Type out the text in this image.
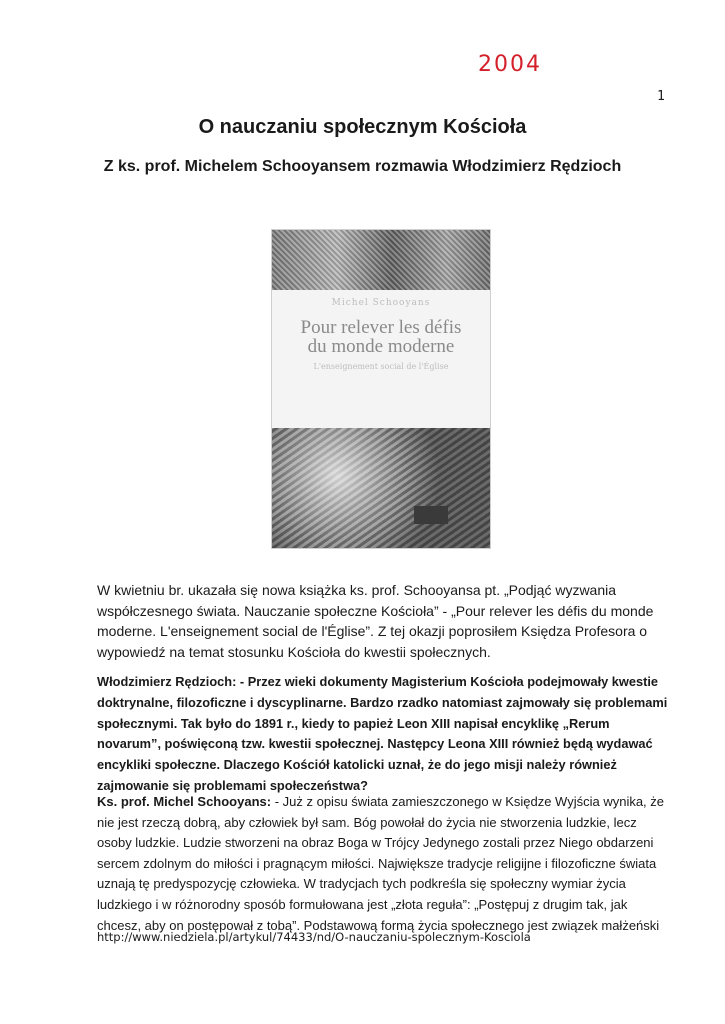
2004
1
O nauczaniu społecznym Kościoła
Z ks. prof. Michelem Schooyansem rozmawia Włodzimierz Rędzioch
Michel Schooyans
Pour relever les défis
du monde moderne
L'enseignement social de l'Église

W kwietniu br. ukazała się nowa książka ks. prof. Schooyansa pt. „Podjąć wyzwania współczesnego świata. Nauczanie społeczne Kościoła” - „Pour relever les défis du monde moderne. L'enseignement social de l'Église”. Z tej okazji poprosiłem Księdza Profesora o wypowiedź na temat stosunku Kościoła do kwestii społecznych.

Włodzimierz Rędzioch: - Przez wieki dokumenty Magisterium Kościoła podejmowały kwestie doktrynalne, filozoficzne i dyscyplinarne. Bardzo rzadko natomiast zajmowały się problemami społecznymi. Tak było do 1891 r., kiedy to papież Leon XIII napisał encyklikę „Rerum novarum”, poświęconą tzw. kwestii społecznej. Następcy Leona XIII również będą wydawać encykliki społeczne. Dlaczego Kościół katolicki uznał, że do jego misji należy również zajmowanie się problemami społeczeństwa?

Ks. prof. Michel Schooyans: - Już z opisu świata zamieszczonego w Księdze Wyjścia wynika, że nie jest rzeczą dobrą, aby człowiek był sam. Bóg powołał do życia nie stworzenia ludzkie, lecz osoby ludzkie. Ludzie stworzeni na obraz Boga w Trójcy Jedynego zostali przez Niego obdarzeni sercem zdolnym do miłości i pragnącym miłości. Największe tradycje religijne i filozoficzne świata uznają tę predyspozycję człowieka. W tradycjach tych podkreśla się społeczny wymiar życia ludzkiego i w różnorodny sposób formułowana jest „złota reguła”: „Postępuj z drugim tak, jak chcesz, aby on postępował z tobą”. Podstawową formą życia społecznego jest związek małżeński

http://www.niedziela.pl/artykul/74433/nd/O-nauczaniu-spolecznym-Kosciola
